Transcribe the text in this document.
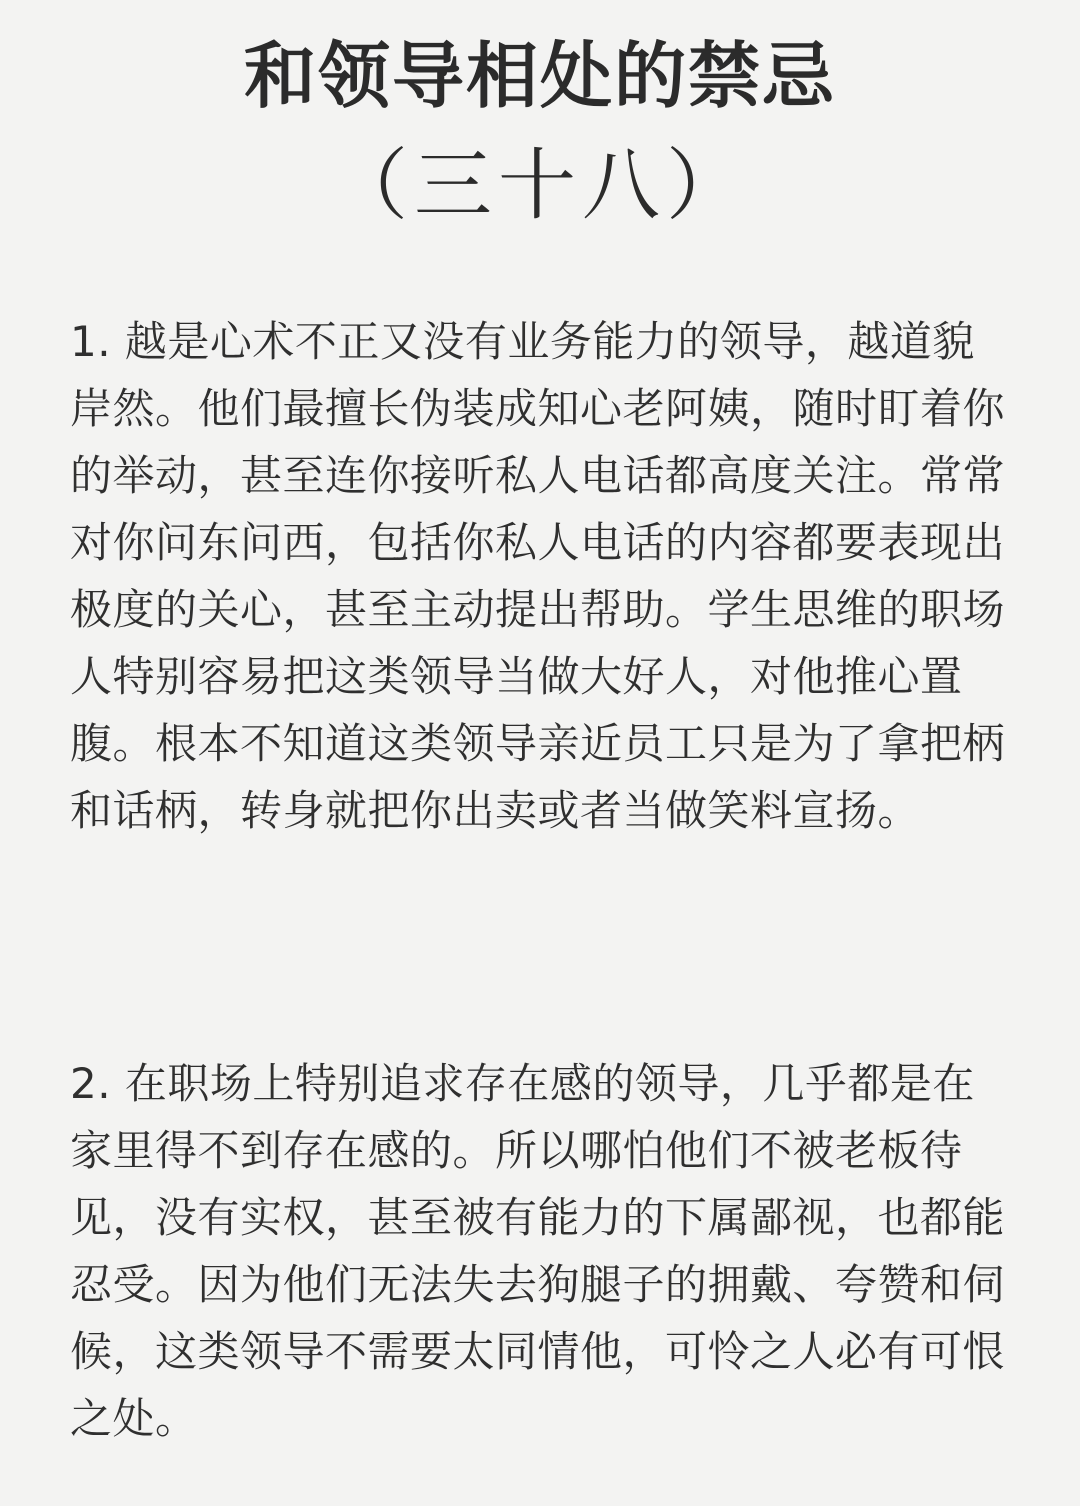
和领导相处的禁忌
（三十八）

1. 越是心术不正又没有业务能力的领导，越道貌岸然。他们最擅长伪装成知心老阿姨，随时盯着你的举动，甚至连你接听私人电话都高度关注。常常对你问东问西，包括你私人电话的内容都要表现出极度的关心，甚至主动提出帮助。学生思维的职场人特别容易把这类领导当做大好人，对他推心置腹。根本不知道这类领导亲近员工只是为了拿把柄和话柄，转身就把你出卖或者当做笑料宣扬。

2. 在职场上特别追求存在感的领导，几乎都是在家里得不到存在感的。所以哪怕他们不被老板待见，没有实权，甚至被有能力的下属鄙视，也都能忍受。因为他们无法失去狗腿子的拥戴、夸赞和伺候，这类领导不需要太同情他，可怜之人必有可恨之处。
